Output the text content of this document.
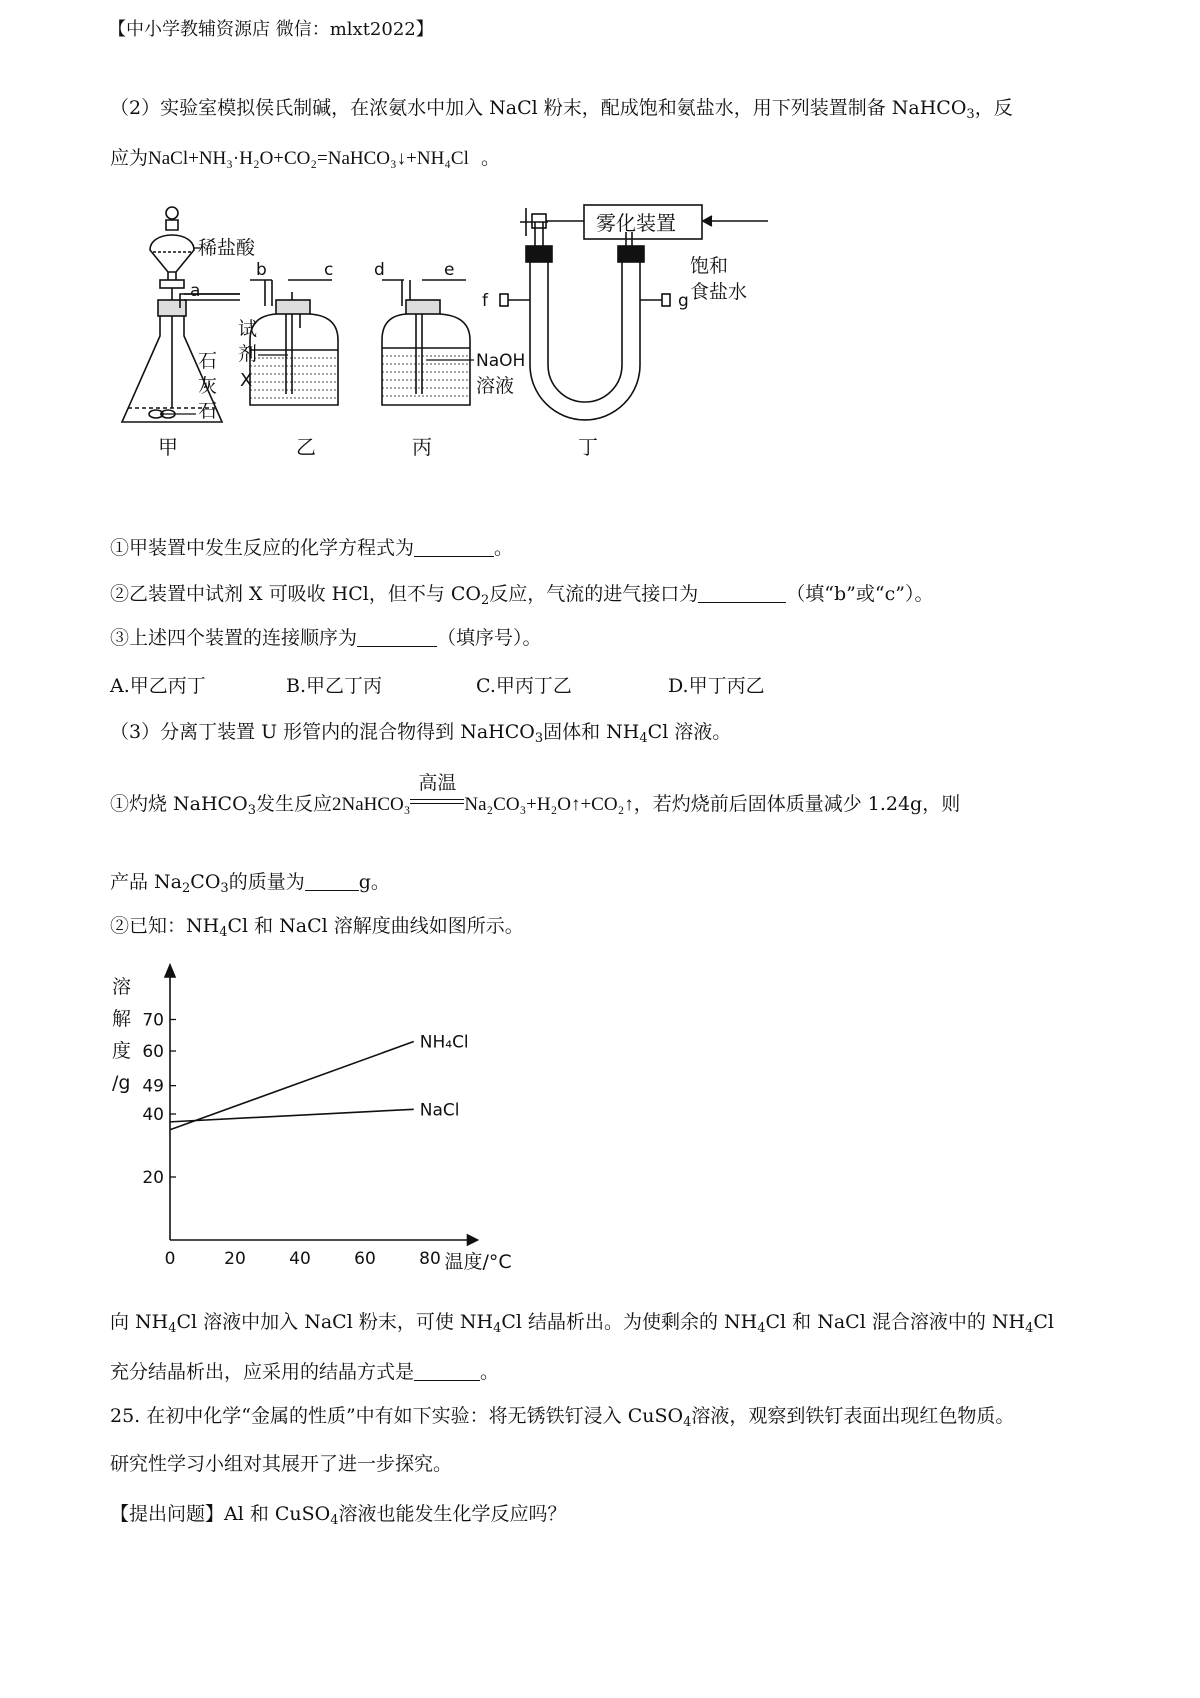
【中小学教辅资源店 微信：mlxt2022】
（2）实验室模拟侯氏制碱，在浓氨水中加入 NaCl 粉末，配成饱和氨盐水，用下列装置制备 NaHCO$_3$，反
应为NaCl+NH₃·H₂O+CO₂=NaHCO₃↓+NH₄Cl 。
稀盐酸
a
石
灰
石
b	c
试
剂
X
d	e
NaOH
溶液
雾化装置
饱和
食盐水
f	g
甲	乙	丙	丁
①甲装置中发生反应的化学方程式为	。
②乙装置中试剂 X 可吸收 HCl，但不与 $CO_2$反应，气流的进气接口为	（填“b”或“c”）。
③上述四个装置的连接顺序为	（填序号）。
A.甲乙丙丁	B.甲乙丁丙	C.甲丙丁乙	D.甲丁丙乙
（3）分离丁装置 U 形管内的混合物得到 NaHCO$_3$固体和 $NH_4Cl$ 溶液。
①灼烧 NaHCO$_3$发生反应2NaHCO₃
高温
Na₂CO₃+H₂O↑+CO₂↑，若灼烧前后固体质量减少 1.24g，则
产品 $Na_2CO_3$的质量为	g。
②已知：$NH_4Cl$ 和 NaCl 溶解度曲线如图所示。
0	20	40	60	80
20
40
49
60
70
NH₄Cl
NaCl
溶
解
度
/g
温度/°C
向 $NH_4Cl$ 溶液中加入 NaCl 粉末，可使 $NH_4Cl$ 结晶析出。为使剩余的 $NH_4Cl$ 和 NaCl 混合溶液中的 $NH_4Cl$
充分结晶析出，应采用的结晶方式是	。
25. 在初中化学“金属的性质”中有如下实验：将无锈铁钉浸入 CuSO$_4$溶液，观察到铁钉表面出现红色物质。
研究性学习小组对其展开了进一步探究。
【提出问题】Al 和 CuSO$_4$溶液也能发生化学反应吗？
